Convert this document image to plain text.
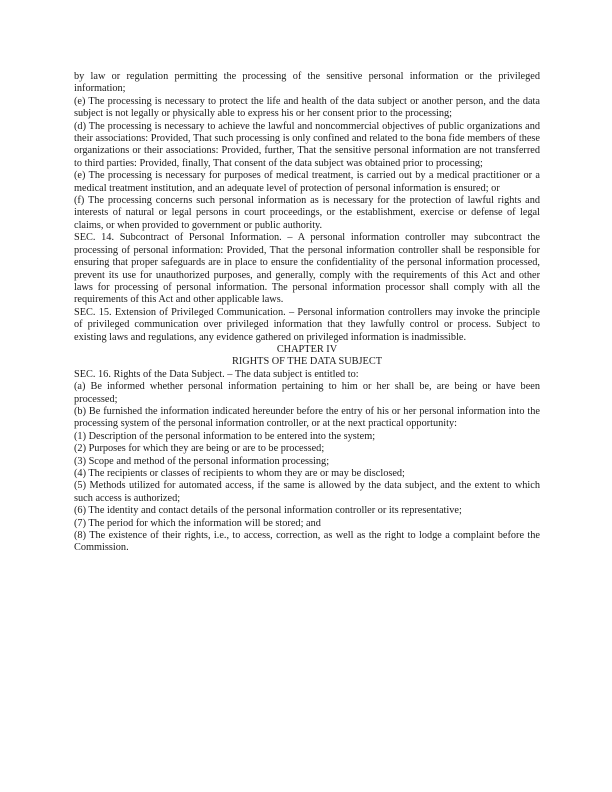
by law or regulation permitting the processing of the sensitive personal information or the privileged information;

(e) The processing is necessary to protect the life and health of the data subject or another person, and the data subject is not legally or physically able to express his or her consent prior to the processing;

(d) The processing is necessary to achieve the lawful and noncommercial objectives of public organizations and their associations: Provided, That such processing is only confined and related to the bona fide members of these organizations or their associations: Provided, further, That the sensitive personal information are not transferred to third parties: Provided, finally, That consent of the data subject was obtained prior to processing;

(e) The processing is necessary for purposes of medical treatment, is carried out by a medical practitioner or a medical treatment institution, and an adequate level of protection of personal information is ensured; or

(f) The processing concerns such personal information as is necessary for the protection of lawful rights and interests of natural or legal persons in court proceedings, or the establishment, exercise or defense of legal claims, or when provided to government or public authority.

SEC. 14. Subcontract of Personal Information. – A personal information controller may subcontract the processing of personal information: Provided, That the personal information controller shall be responsible for ensuring that proper safeguards are in place to ensure the confidentiality of the personal information processed, prevent its use for unauthorized purposes, and generally, comply with the requirements of this Act and other laws for processing of personal information. The personal information processor shall comply with all the requirements of this Act and other applicable laws.

SEC. 15. Extension of Privileged Communication. – Personal information controllers may invoke the principle of privileged communication over privileged information that they lawfully control or process. Subject to existing laws and regulations, any evidence gathered on privileged information is inadmissible.

CHAPTER IV

RIGHTS OF THE DATA SUBJECT

SEC. 16. Rights of the Data Subject. – The data subject is entitled to:

(a) Be informed whether personal information pertaining to him or her shall be, are being or have been processed;

(b) Be furnished the information indicated hereunder before the entry of his or her personal information into the processing system of the personal information controller, or at the next practical opportunity:

(1) Description of the personal information to be entered into the system;

(2) Purposes for which they are being or are to be processed;

(3) Scope and method of the personal information processing;

(4) The recipients or classes of recipients to whom they are or may be disclosed;

(5) Methods utilized for automated access, if the same is allowed by the data subject, and the extent to which such access is authorized;

(6) The identity and contact details of the personal information controller or its representative;

(7) The period for which the information will be stored; and

(8) The existence of their rights, i.e., to access, correction, as well as the right to lodge a complaint before the Commission.
